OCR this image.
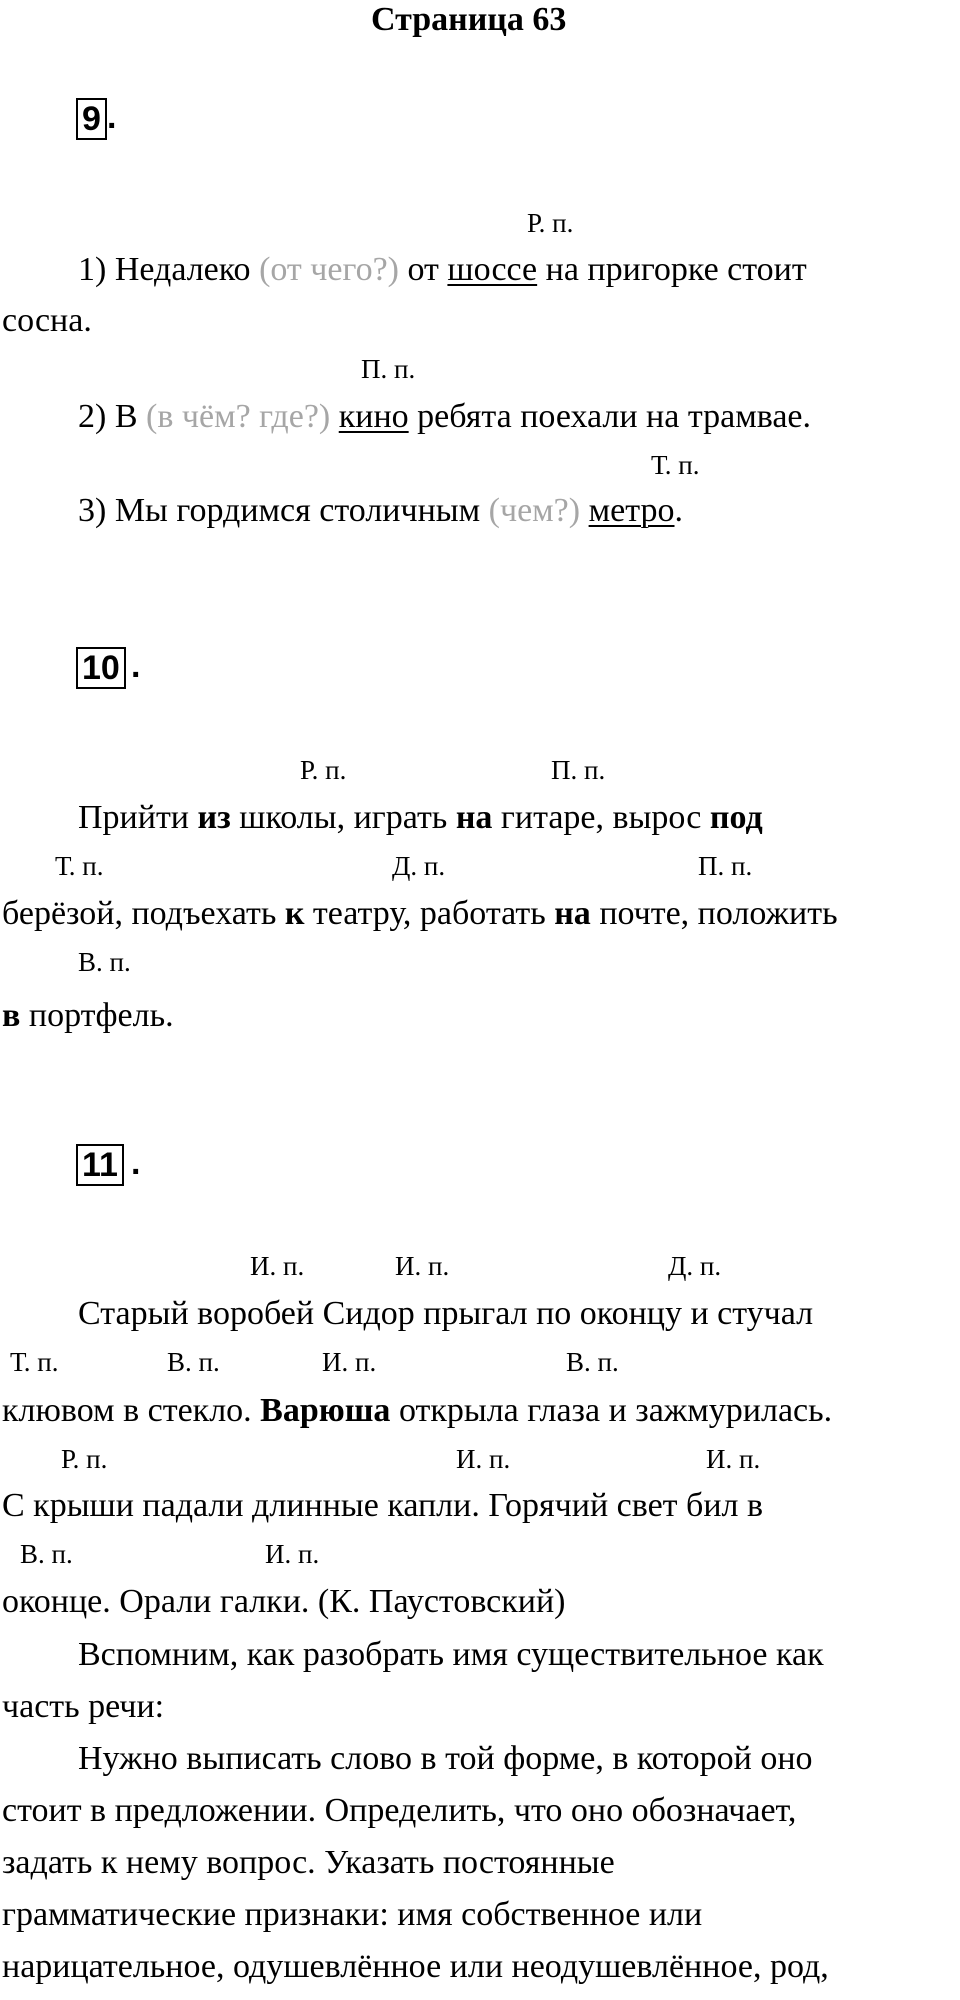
Страница 63
9 .
Р. п.
1) Недалеко (от чего?) от шоссе на пригорке стоит
сосна.
П. п.
2) В (в чём? где?) кино ребята поехали на трамвае.
Т. п.
3) Мы гордимся столичным (чем?) метро.
10 .
Р. п.	П. п.
Прийти из школы, играть на гитаре, вырос под
Т. п.	Д. п.	П. п.
берёзой, подъехать к театру, работать на почте, положить
В. п.
в портфель.
11 .
И. п.	И. п.	Д. п.
Старый воробей Сидор прыгал по оконцу и стучал
Т. п.	В. п.	И. п.	В. п.
клювом в стекло. Варюша открыла глаза и зажмурилась.
Р. п.	И. п.	И. п.
С крыши падали длинные капли. Горячий свет бил в
В. п.	И. п.
оконце. Орали галки. (К. Паустовский)
Вспомним, как разобрать имя существительное как
часть речи:
Нужно выписать слово в той форме, в которой оно
стоит в предложении. Определить, что оно обозначает,
задать к нему вопрос. Указать постоянные
грамматические признаки: имя собственное или
нарицательное, одушевлённое или неодушевлённое, род,
